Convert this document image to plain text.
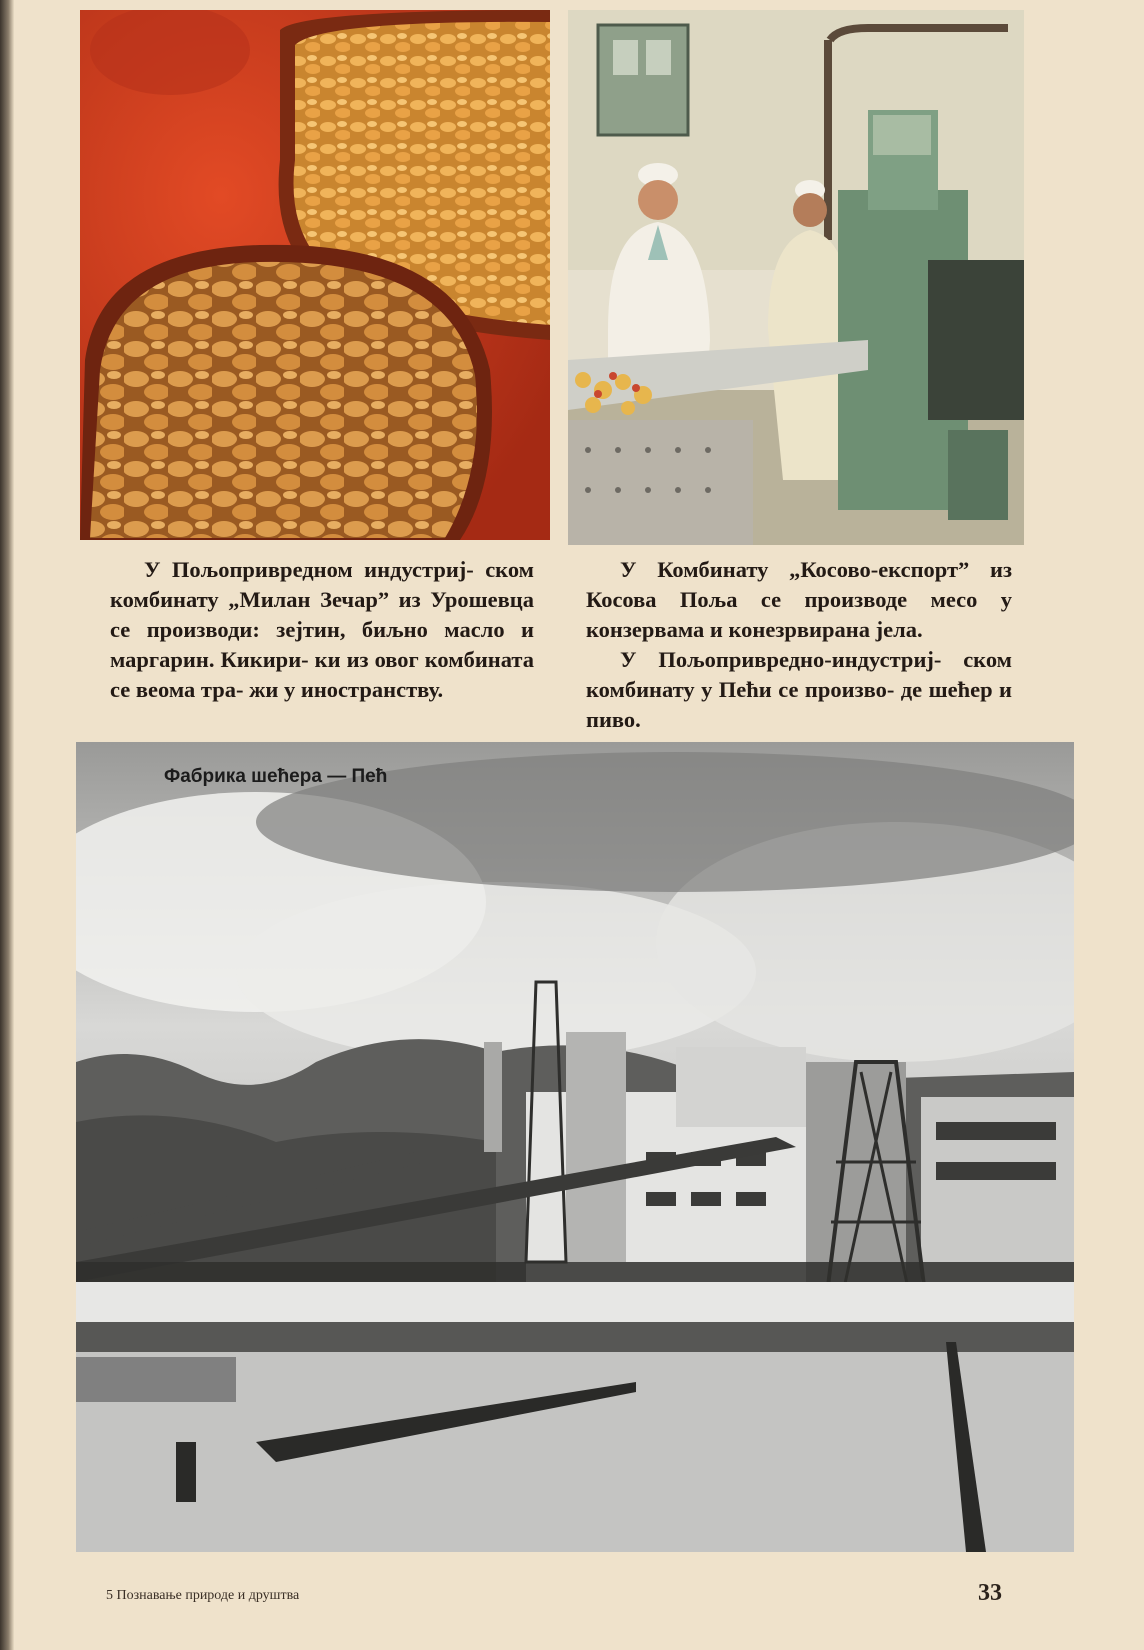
У Пољопривредном индустриј- ском комбинату „Милан Зечар” из Урошевца се производи: зејтин, биљно масло и маргарин. Кикири- ки из овог комбината се веома тра- жи у иностранству.

У Комбинату „Косово-експорт” из Косова Поља се производе месо у конзервама и конезрвирана јела.

У Пољопривредно-индустриј- ском комбинату у Пећи се произво- де шећер и пиво.

Фабрика шећера — Пећ
5 Познавање природе и друштва	33
